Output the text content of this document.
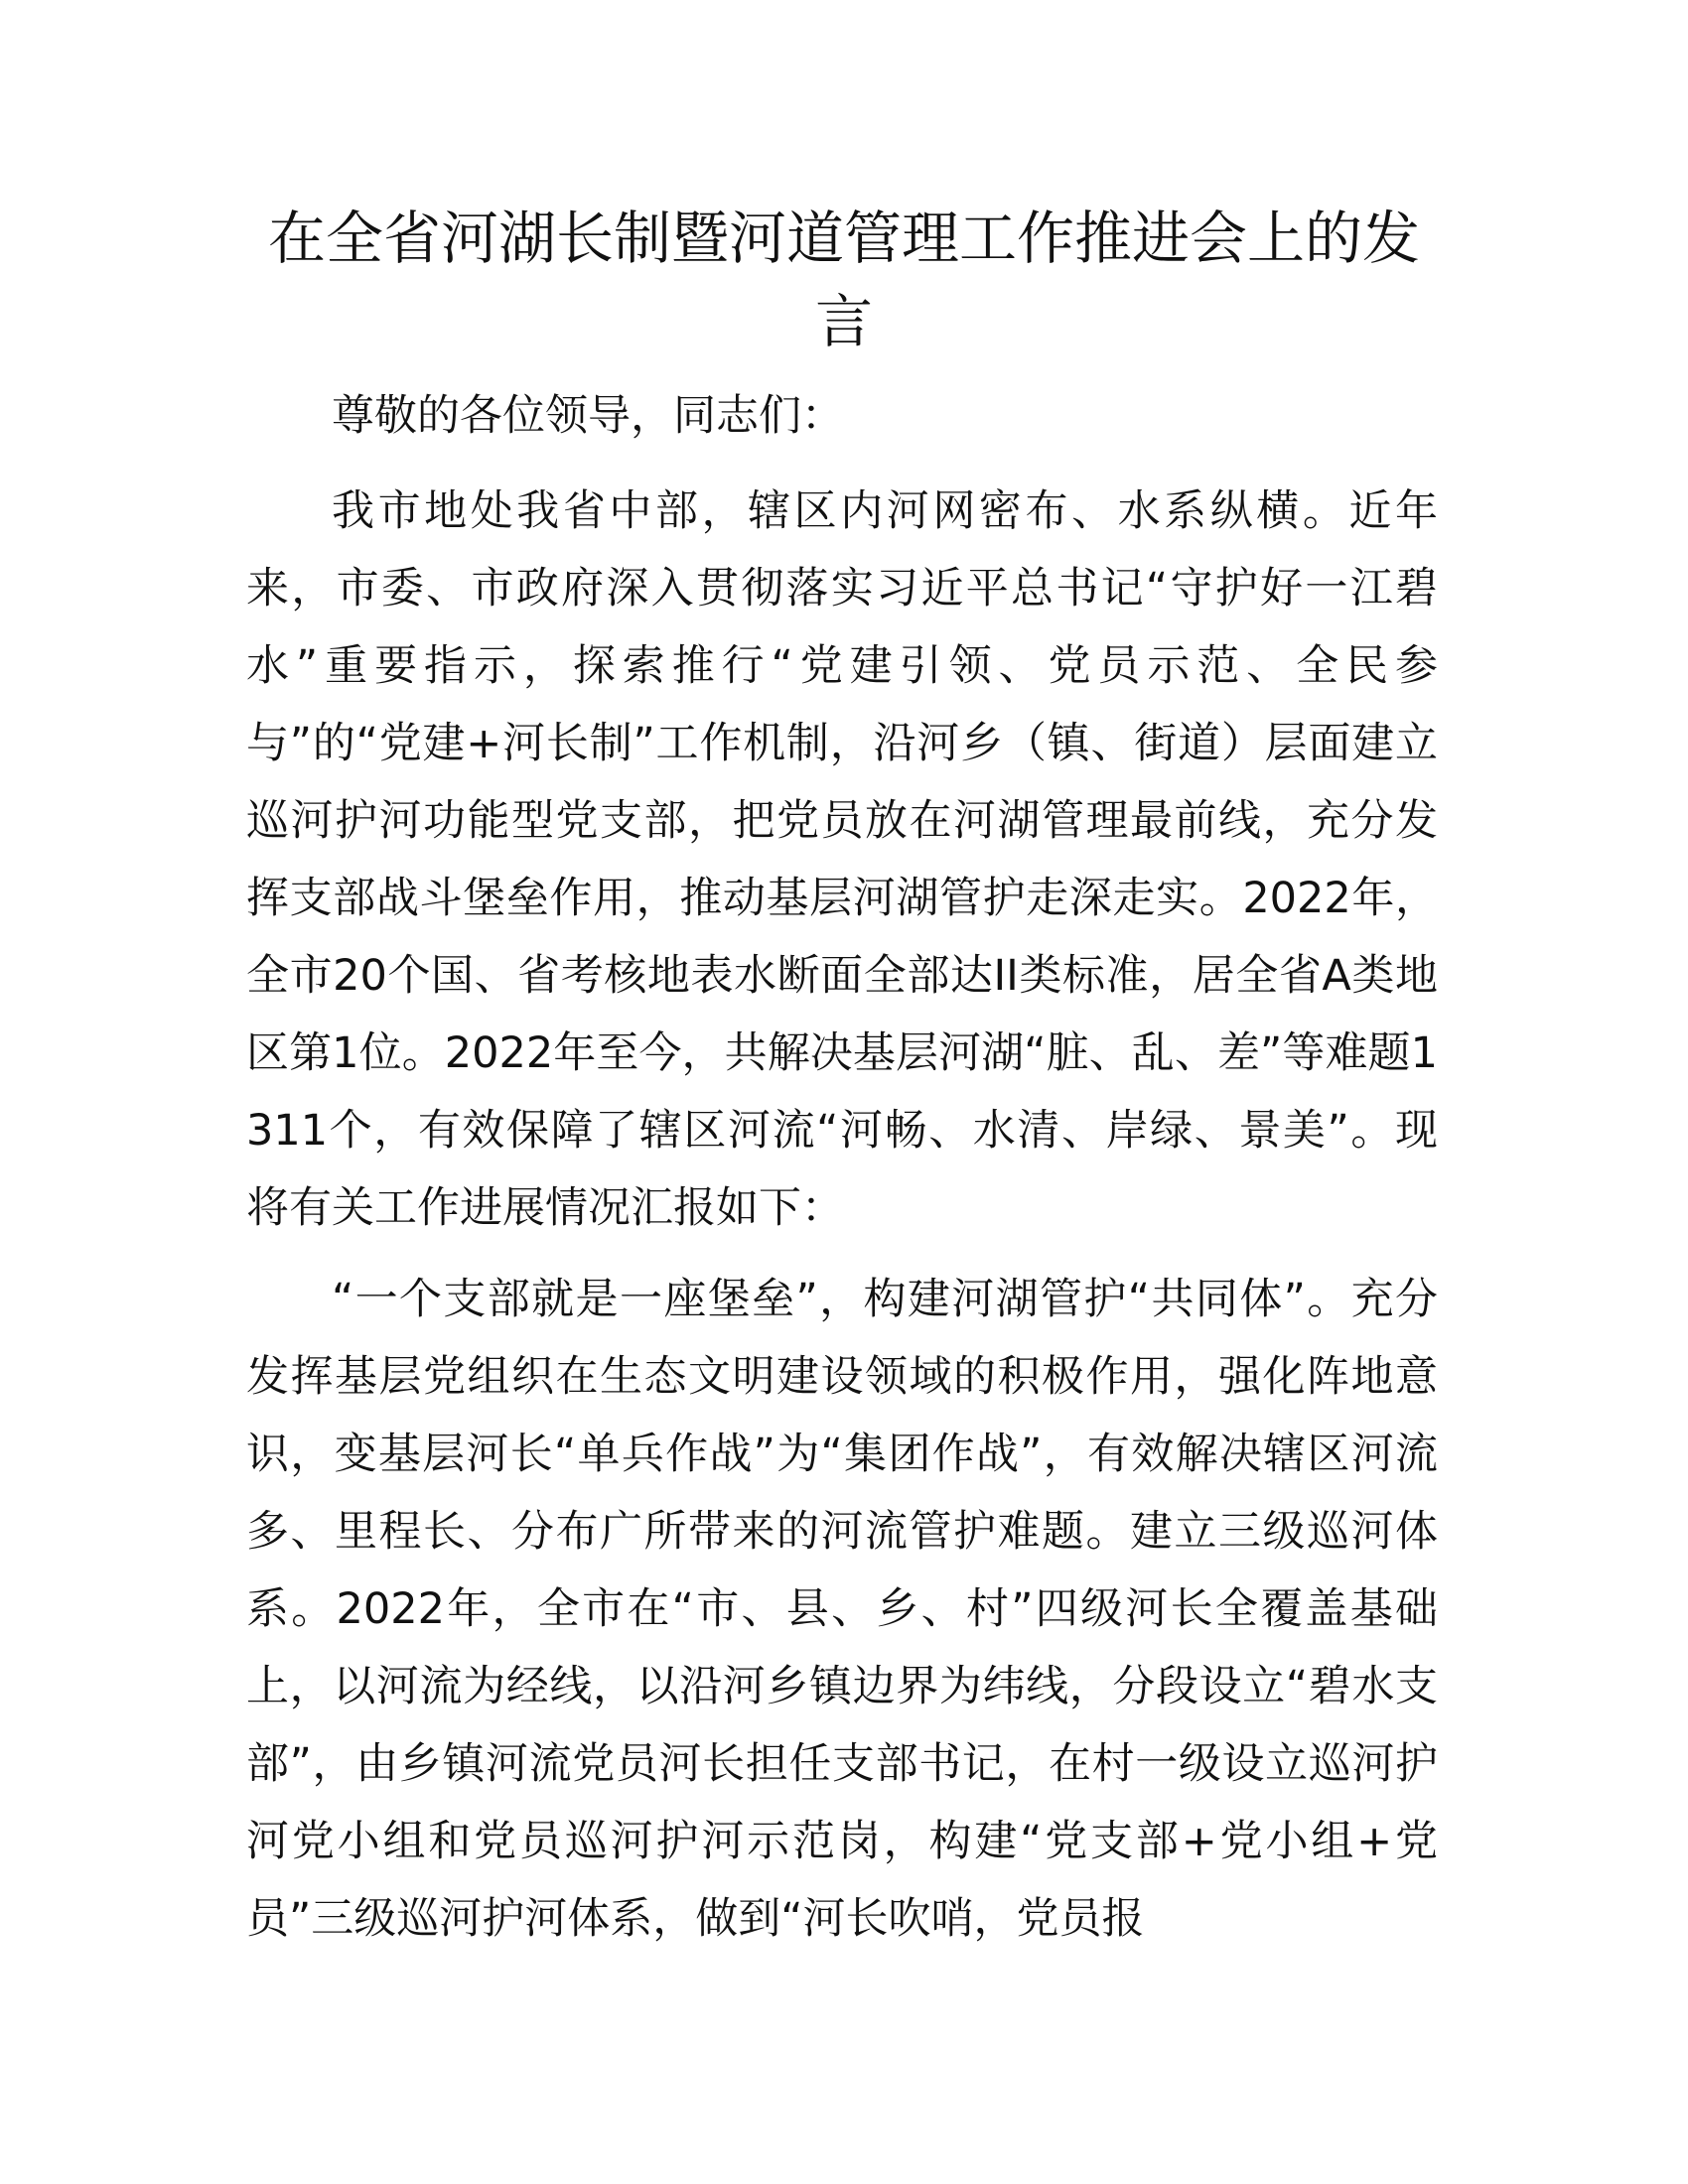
在全省河湖长制暨河道管理工作推进会上的发言

尊敬的各位领导，同志们：

我市地处我省中部，辖区内河网密布、水系纵横。近年来，市委、市政府深入贯彻落实习近平总书记“守护好一江碧水”重要指示，探索推行“党建引领、党员示范、全民参与”的“党建+河长制”工作机制，沿河乡（镇、街道）层面建立巡河护河功能型党支部，把党员放在河湖管理最前线，充分发挥支部战斗堡垒作用，推动基层河湖管护走深走实。2022年，全市20个国、省考核地表水断面全部达II类标准，居全省A类地区第1位。2022年至今，共解决基层河湖“脏、乱、差”等难题1311个，有效保障了辖区河流“河畅、水清、岸绿、景美”。现将有关工作进展情况汇报如下：

“一个支部就是一座堡垒”，构建河湖管护“共同体”。充分发挥基层党组织在生态文明建设领域的积极作用，强化阵地意识，变基层河长“单兵作战”为“集团作战”，有效解决辖区河流多、里程长、分布广所带来的河流管护难题。建立三级巡河体系。2022年，全市在“市、县、乡、村”四级河长全覆盖基础上，以河流为经线，以沿河乡镇边界为纬线，分段设立“碧水支部”，由乡镇河流党员河长担任支部书记，在村一级设立巡河护河党小组和党员巡河护河示范岗，构建“党支部+党小组+党员”三级巡河护河体系，做到“河长吹哨，党员报
